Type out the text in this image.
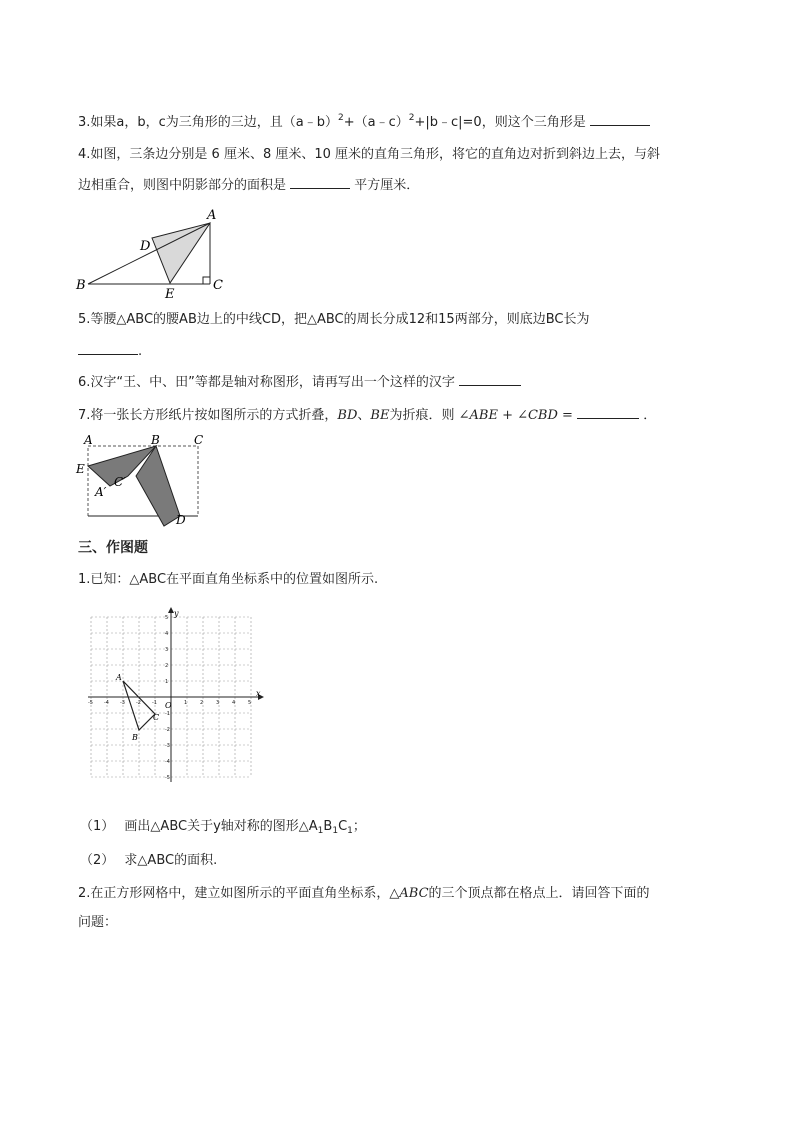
3.如果a，b，c为三角形的三边，且（a﹣b）$^2$+（a﹣c）$^2$+|b﹣c|=0，则这个三角形是
4.如图，三条边分别是 6 厘米、8 厘米、10 厘米的直角三角形，将它的直角边对折到斜边上去，与斜
边相重合，则图中阴影部分的面积是	平方厘米．
A
B	C
D
E
5.等腰△ABC的腰AB边上的中线CD，把△ABC的周长分成12和15两部分，则底边BC长为
.
6.汉字“王、中、田”等都是轴对称图形，请再写出一个这样的汉字
7.将一张长方形纸片按如图所示的方式折叠，BD、BE为折痕．则 ∠ABE + ∠CBD =	．
A	B	C
E
A′
C′
D
三、作图题
1.已知：△ABC在平面直角坐标系中的位置如图所示.
-5 -4 -3 -2 -1	1	2	3	4	5
5
4
3
2
1
-1
-2
-3
-4
-5
x
y
O
A
B
C
（1） 画出△ABC关于y轴对称的图形$\triangle A_1B_1C_1$；
（2） 求△ABC的面积.
2.在正方形网格中，建立如图所示的平面直角坐标系，△ABC的三个顶点都在格点上．请回答下面的
问题：
